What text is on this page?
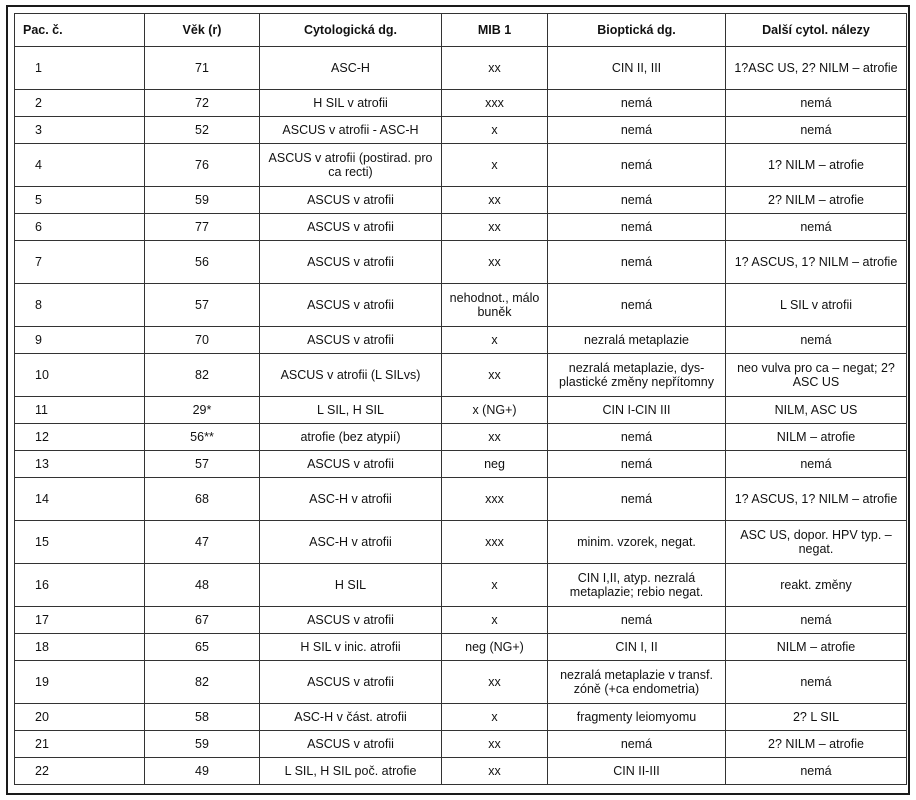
Pac. č.	Věk (r)	Cytologická dg.	MIB 1	Bioptická dg.	Další cytol. nálezy
1	71	ASC-H	xx	CIN II, III	1?ASC US, 2? NILM – atrofie
2	72	H SIL v atrofii	xxx	nemá	nemá
3	52	ASCUS v atrofii - ASC-H	x	nemá	nemá
4	76	ASCUS v atrofii (postirad. pro ca recti)	x	nemá	1? NILM – atrofie
5	59	ASCUS v atrofii	xx	nemá	2? NILM – atrofie
6	77	ASCUS v atrofii	xx	nemá	nemá
7	56	ASCUS v atrofii	xx	nemá	1? ASCUS, 1? NILM – atrofie
8	57	ASCUS v atrofii	nehodnot., málo buněk	nemá	L SIL v atrofii
9	70	ASCUS v atrofii	x	nezralá metaplazie	nemá
10	82	ASCUS v atrofii (L SILvs)	xx	nezralá metaplazie, dys-plastické změny nepřítomny	neo vulva pro ca – negat; 2? ASC US
11	29*	L SIL, H SIL	x (NG+)	CIN I-CIN III	NILM, ASC US
12	56**	atrofie (bez atypií)	xx	nemá	NILM – atrofie
13	57	ASCUS v atrofii	neg	nemá	nemá
14	68	ASC-H v atrofii	xxx	nemá	1? ASCUS, 1? NILM – atrofie
15	47	ASC-H v atrofii	xxx	minim. vzorek, negat.	ASC US, dopor. HPV typ. – negat.
16	48	H SIL	x	CIN I,II, atyp. nezralá metaplazie; rebio negat.	reakt. změny
17	67	ASCUS v atrofii	x	nemá	nemá
18	65	H SIL v inic. atrofii	neg (NG+)	CIN I, II	NILM – atrofie
19	82	ASCUS v atrofii	xx	nezralá metaplazie v transf. zóně (+ca endometria)	nemá
20	58	ASC-H v část. atrofii	x	fragmenty leiomyomu	2? L SIL
21	59	ASCUS v atrofii	xx	nemá	2? NILM – atrofie
22	49	L SIL, H SIL poč. atrofie	xx	CIN II-III	nemá
